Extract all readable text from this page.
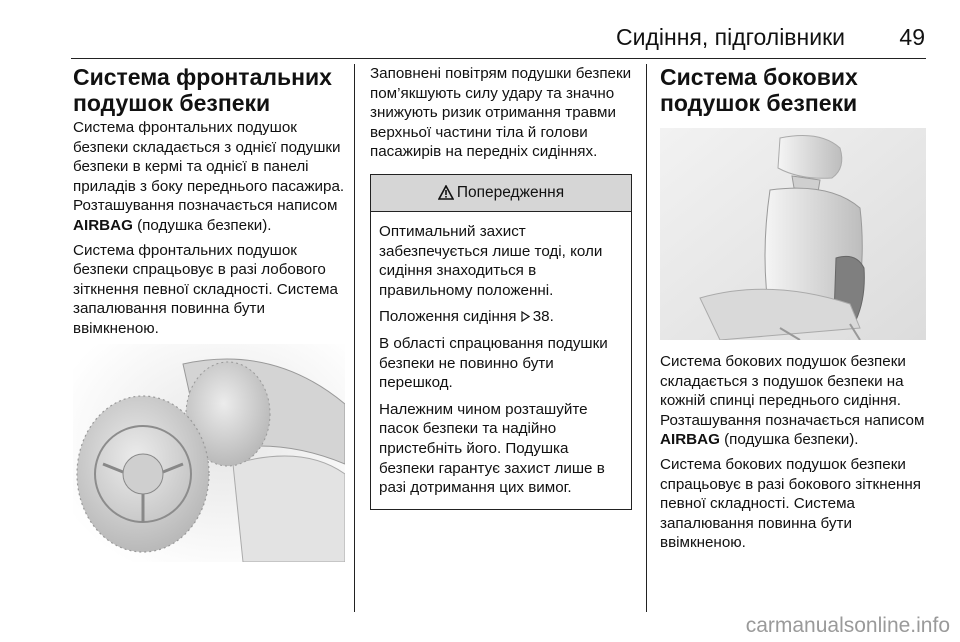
Сидіння, підголівники 49
Система фронтальних подушок безпеки

Система фронтальних подушок безпеки складається з однієї подушки безпеки в кермі та однієї в панелі приладів з боку переднього пасажира. Розташування позначається написом AIRBAG (подушка безпеки).

Система фронтальних подушок безпеки спрацьовує в разі лобового зіткнення певної складності. Система запалювання повинна бути ввімкненою.

Заповнені повітрям подушки безпеки пом’якшують силу удару та значно знижують ризик отримання травми верхньої частини тіла й голови пасажирів на передніх сидіннях.

Попередження

Оптимальний захист забезпечується лише тоді, коли сидіння знаходиться в правильному положенні.

Положення сидіння 38.

В області спрацювання подушки безпеки не повинно бути перешкод.

Належним чином розташуйте пасок безпеки та надійно пристебніть його. Подушка безпеки гарантує захист лише в разі дотримання цих вимог.

Система бокових подушок безпеки

Система бокових подушок безпеки складається з подушок безпеки на кожній спинці переднього сидіння. Розташування позначається написом AIRBAG (подушка безпеки).

Система бокових подушок безпеки спрацьовує в разі бокового зіткнення певної складності. Система запалювання повинна бути ввімкненою.

carmanualsonline.info
